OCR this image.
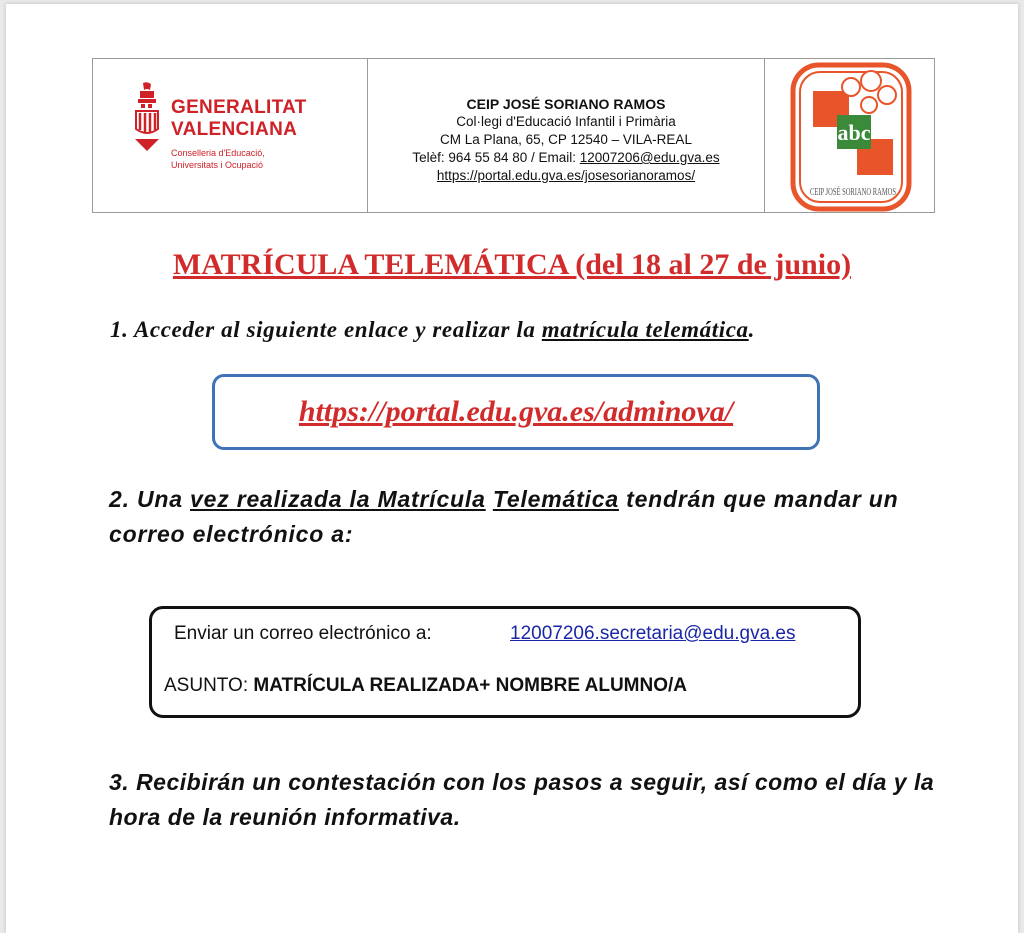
GENERALITAT
VALENCIANA
Conselleria d'Educació,
Universitats i Ocupació
CEIP JOSÉ SORIANO RAMOS
Col·legi d'Educació Infantil i Primària
CM La Plana, 65, CP 12540 – VILA-REAL
Telèf: 964 55 84 80 / Email: 12007206@edu.gva.es
https://portal.edu.gva.es/josesorianoramos/
abc
CEIP JOSÉ SORIANO RAMOS
MATRÍCULA TELEMÁTICA (del 18 al 27 de junio)
1. Acceder al siguiente enlace y realizar la matrícula telemática.
https://portal.edu.gva.es/adminova/
2. Una vez realizada la Matrícula Telemática tendrán que mandar un correo electrónico a:
Enviar un correo electrónico a:	12007206.secretaria@edu.gva.es
ASUNTO: MATRÍCULA REALIZADA+ NOMBRE ALUMNO/A
3. Recibirán un contestación con los pasos a seguir, así como el día y la hora de la reunión informativa.
